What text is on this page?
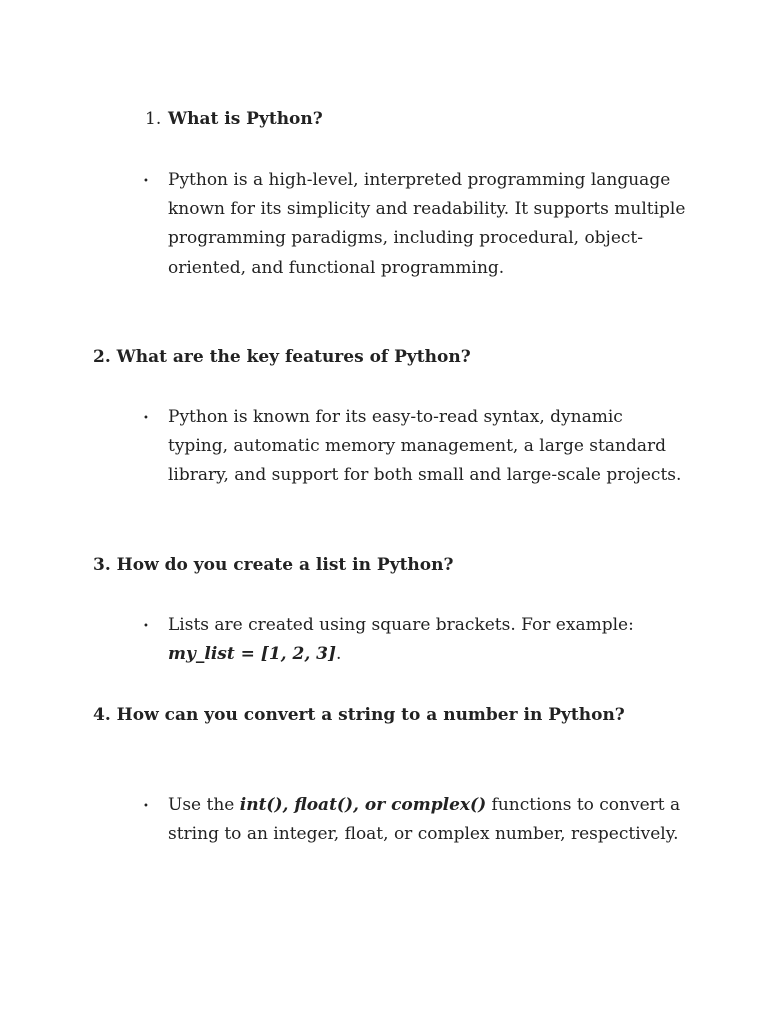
1. What is Python?

• Python is a high-level, interpreted programming language known for its simplicity and readability. It supports multiple programming paradigms, including procedural, object-oriented, and functional programming.

2. What are the key features of Python?

• Python is known for its easy-to-read syntax, dynamic typing, automatic memory management, a large standard library, and support for both small and large-scale projects.

3. How do you create a list in Python?

• Lists are created using square brackets. For example: my_list = [1, 2, 3].

4. How can you convert a string to a number in Python?

• Use the int(), float(), or complex() functions to convert a string to an integer, float, or complex number, respectively.
